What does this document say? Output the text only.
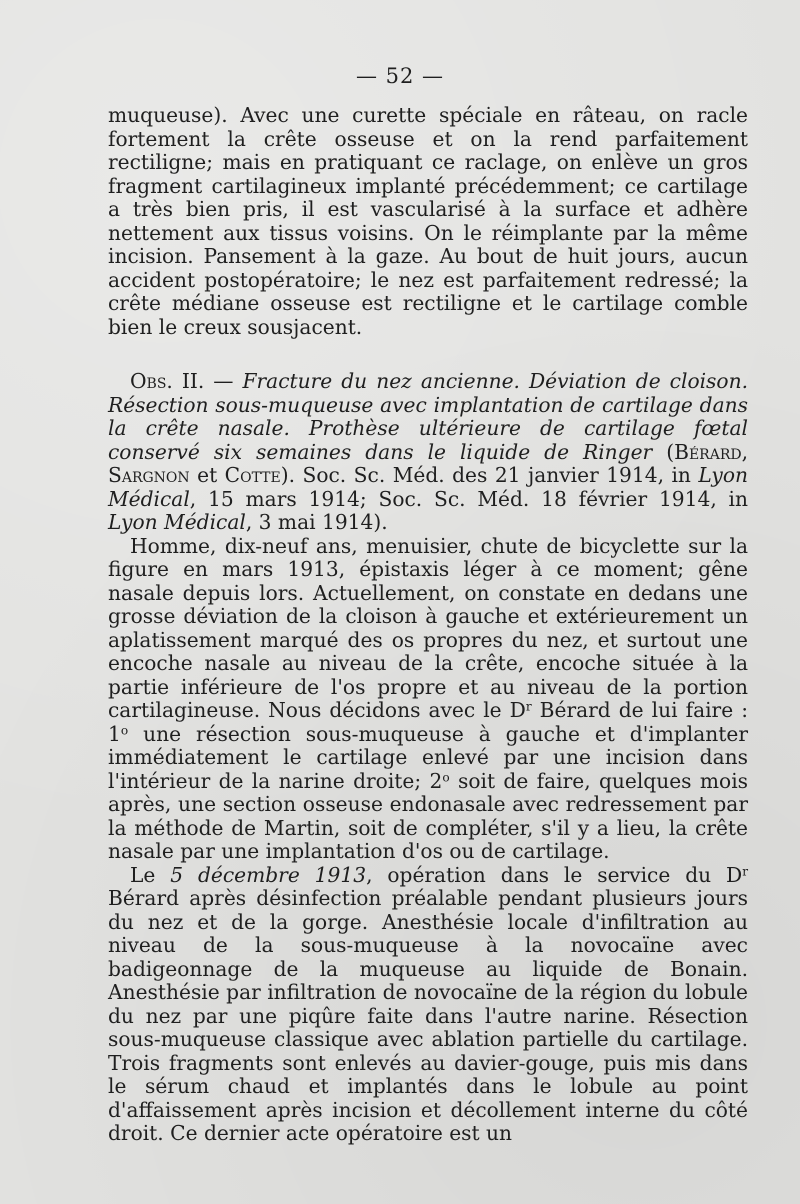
— 52 —

muqueuse). Avec une curette spéciale en râteau, on racle fortement la crête osseuse et on la rend parfaitement rectiligne; mais en pratiquant ce raclage, on enlève un gros fragment cartilagineux implanté précédemment; ce cartilage a très bien pris, il est vascularisé à la surface et adhère nettement aux tissus voisins. On le réimplante par la même incision. Pansement à la gaze. Au bout de huit jours, aucun accident postopératoire; le nez est parfaitement redressé; la crête médiane osseuse est rectiligne et le cartilage comble bien le creux sousjacent.

Obs. II. — Fracture du nez ancienne. Déviation de cloison. Résection sous-muqueuse avec implantation de cartilage dans la crête nasale. Prothèse ultérieure de cartilage fœtal conservé six semaines dans le liquide de Ringer (Bérard, Sargnon et Cotte). Soc. Sc. Méd. des 21 janvier 1914, in Lyon Médical, 15 mars 1914; Soc. Sc. Méd. 18 février 1914, in Lyon Médical, 3 mai 1914).

Homme, dix-neuf ans, menuisier, chute de bicyclette sur la figure en mars 1913, épistaxis léger à ce moment; gêne nasale depuis lors. Actuellement, on constate en dedans une grosse déviation de la cloison à gauche et extérieurement un aplatissement marqué des os propres du nez, et surtout une encoche nasale au niveau de la crête, encoche située à la partie inférieure de l'os propre et au niveau de la portion cartilagineuse. Nous décidons avec le $D^r$ Bérard de lui faire : 1$^o$ une résection sous-muqueuse à gauche et d'implanter immédiatement le cartilage enlevé par une incision dans l'intérieur de la narine droite; 2$^o$ soit de faire, quelques mois après, une section osseuse endonasale avec redressement par la méthode de Martin, soit de compléter, s'il y a lieu, la crête nasale par une implantation d'os ou de cartilage.

Le 5 décembre 1913, opération dans le service du $D^r$ Bérard après désinfection préalable pendant plusieurs jours du nez et de la gorge. Anesthésie locale d'infiltration au niveau de la sous-muqueuse à la novocaïne avec badigeonnage de la muqueuse au liquide de Bonain. Anesthésie par infiltration de novocaïne de la région du lobule du nez par une piqûre faite dans l'autre narine. Résection sous-muqueuse classique avec ablation partielle du cartilage. Trois fragments sont enlevés au davier-gouge, puis mis dans le sérum chaud et implantés dans le lobule au point d'affaissement après incision et décollement interne du côté droit. Ce dernier acte opératoire est un
